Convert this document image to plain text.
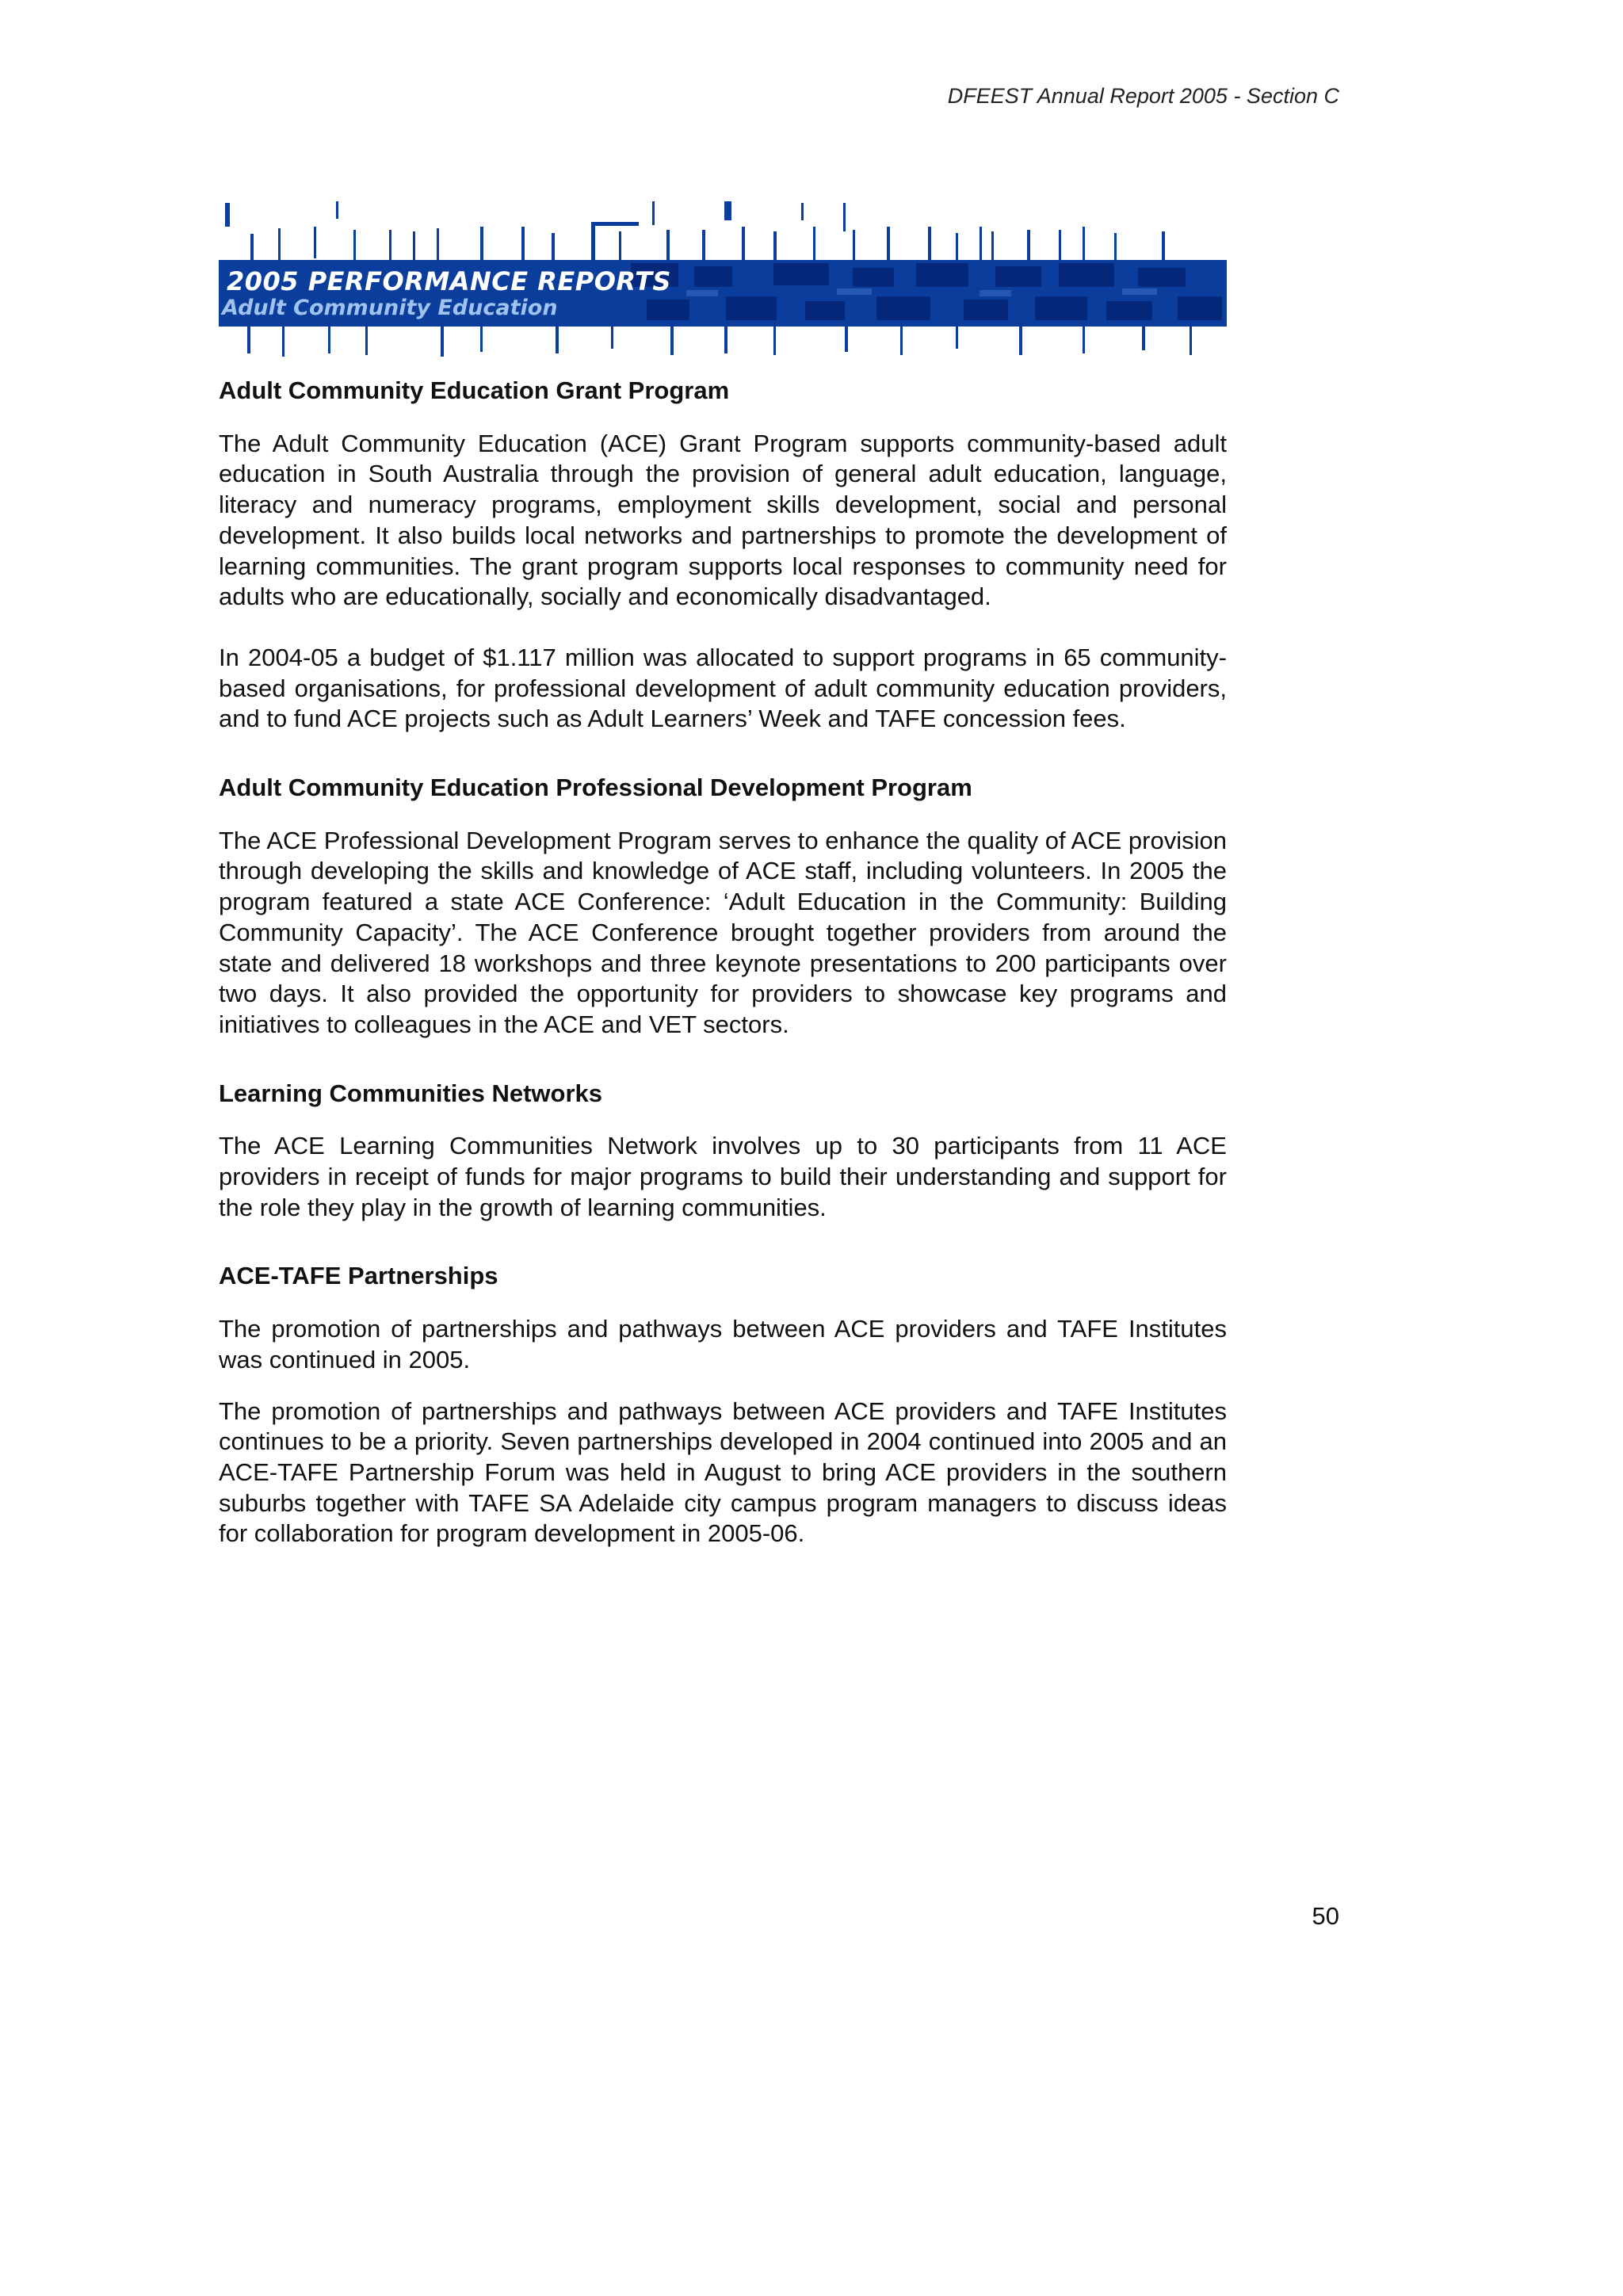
DFEEST Annual Report 2005 - Section C
2005 PERFORMANCE REPORTS
Adult Community Education
Adult Community Education Grant Program

The Adult Community Education (ACE) Grant Program supports community-based adult education in South Australia through the provision of general adult education, language, literacy and numeracy programs, employment skills development, social and personal development. It also builds local networks and partnerships to promote the development of learning communities. The grant program supports local responses to community need for adults who are educationally, socially and economically disadvantaged.

In 2004-05 a budget of $1.117 million was allocated to support programs in 65 community-based organisations, for professional development of adult community education providers, and to fund ACE projects such as Adult Learners’ Week and TAFE concession fees.

Adult Community Education Professional Development Program

The ACE Professional Development Program serves to enhance the quality of ACE provision through developing the skills and knowledge of ACE staff, including volunteers. In 2005 the program featured a state ACE Conference: ‘Adult Education in the Community: Building Community Capacity’. The ACE Conference brought together providers from around the state and delivered 18 workshops and three keynote presentations to 200 participants over two days. It also provided the opportunity for providers to showcase key programs and initiatives to colleagues in the ACE and VET sectors.

Learning Communities Networks

The ACE Learning Communities Network involves up to 30 participants from 11 ACE providers in receipt of funds for major programs to build their understanding and support for the role they play in the growth of learning communities.

ACE-TAFE Partnerships

The promotion of partnerships and pathways between ACE providers and TAFE Institutes was continued in 2005.

The promotion of partnerships and pathways between ACE providers and TAFE Institutes continues to be a priority. Seven partnerships developed in 2004 continued into 2005 and an ACE-TAFE Partnership Forum was held in August to bring ACE providers in the southern suburbs together with TAFE SA Adelaide city campus program managers to discuss ideas for collaboration for program development in 2005-06.

50
